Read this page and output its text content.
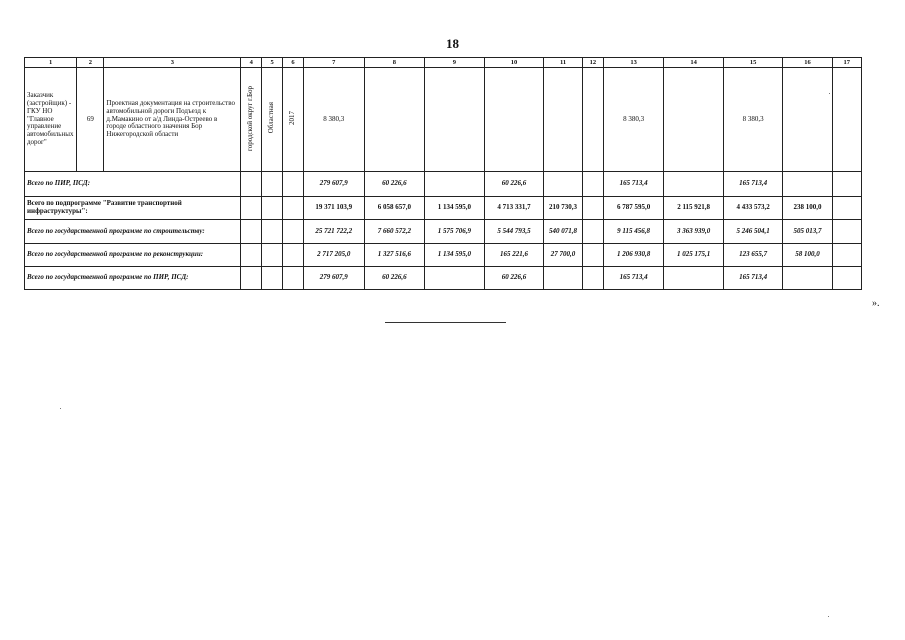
18
1	2	3	4	5	6	7	8	9	10	11	12	13	14	15	16	17
Заказчик (застройщик) - ГКУ НО "Главное управление автомобильных дорог"	69	Проектная документация на строительство автомобильной дороги Подъезд к д.Мамакино от а/д Линда-Остреево в городе областного значения Бор Нижегородской области	городской округ г.Бор	Областная	2017	8 380,3						8 380,3		8 380,3		
Всего по ПИР, ПСД:						279 607,9	60 226,6		60 226,6			165 713,4		165 713,4		
Всего по подпрограмме "Развитие транспортной инфраструктуры":						19 371 103,9	6 058 657,0	1 134 595,0	4 713 331,7	210 730,3		6 787 595,0	2 115 921,8	4 433 573,2	238 100,0	
Всего по государственной программе по строительству:						25 721 722,2	7 660 572,2	1 575 706,9	5 544 793,5	540 071,8		9 115 456,8	3 363 939,0	5 246 504,1	505 013,7	
Всего по государственной программе по реконструкции:						2 717 205,0	1 327 516,6	1 134 595,0	165 221,6	27 700,0		1 206 930,8	1 025 175,1	123 655,7	58 100,0	
Всего по государственной программе по ПИР, ПСД:						279 607,9	60 226,6		60 226,6			165 713,4		165 713,4		
».
